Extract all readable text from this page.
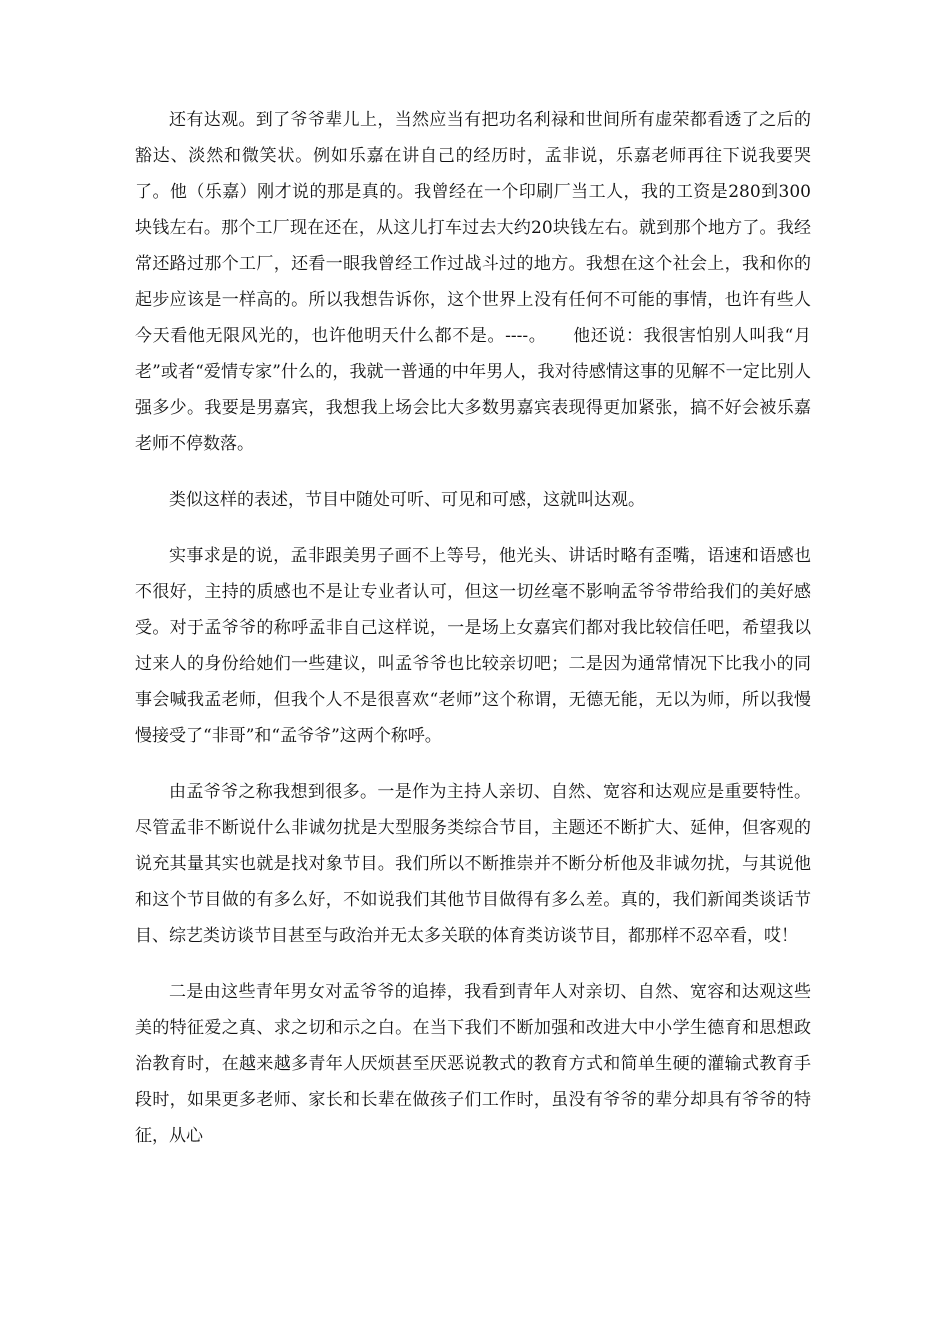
还有达观。到了爷爷辈儿上，当然应当有把功名利禄和世间所有虚荣都看透了之后的豁达、淡然和微笑状。例如乐嘉在讲自己的经历时，孟非说，乐嘉老师再往下说我要哭了。他（乐嘉）刚才说的那是真的。我曾经在一个印刷厂当工人，我的工资是280到300块钱左右。那个工厂现在还在，从这儿打车过去大约20块钱左右。就到那个地方了。我经常还路过那个工厂，还看一眼我曾经工作过战斗过的地方。我想在这个社会上，我和你的起步应该是一样高的。所以我想告诉你，这个世界上没有任何不可能的事情，也许有些人今天看他无限风光的，也许他明天什么都不是。----。　　他还说：我很害怕别人叫我“月老”或者“爱情专家”什么的，我就一普通的中年男人，我对待感情这事的见解不一定比别人强多少。我要是男嘉宾，我想我上场会比大多数男嘉宾表现得更加紧张，搞不好会被乐嘉老师不停数落。

类似这样的表述，节目中随处可听、可见和可感，这就叫达观。

实事求是的说，孟非跟美男子画不上等号，他光头、讲话时略有歪嘴，语速和语感也不很好，主持的质感也不是让专业者认可，但这一切丝毫不影响孟爷爷带给我们的美好感受。对于孟爷爷的称呼孟非自己这样说，一是场上女嘉宾们都对我比较信任吧，希望我以过来人的身份给她们一些建议，叫孟爷爷也比较亲切吧；二是因为通常情况下比我小的同事会喊我孟老师，但我个人不是很喜欢“老师”这个称谓，无德无能，无以为师，所以我慢慢接受了“非哥”和“孟爷爷”这两个称呼。

由孟爷爷之称我想到很多。一是作为主持人亲切、自然、宽容和达观应是重要特性。尽管孟非不断说什么非诚勿扰是大型服务类综合节目，主题还不断扩大、延伸，但客观的说充其量其实也就是找对象节目。我们所以不断推崇并不断分析他及非诚勿扰，与其说他和这个节目做的有多么好，不如说我们其他节目做得有多么差。真的，我们新闻类谈话节目、综艺类访谈节目甚至与政治并无太多关联的体育类访谈节目，都那样不忍卒看，哎！

二是由这些青年男女对孟爷爷的追捧，我看到青年人对亲切、自然、宽容和达观这些美的特征爱之真、求之切和示之白。在当下我们不断加强和改进大中小学生德育和思想政治教育时，在越来越多青年人厌烦甚至厌恶说教式的教育方式和简单生硬的灌输式教育手段时，如果更多老师、家长和长辈在做孩子们工作时，虽没有爷爷的辈分却具有爷爷的特征，从心
